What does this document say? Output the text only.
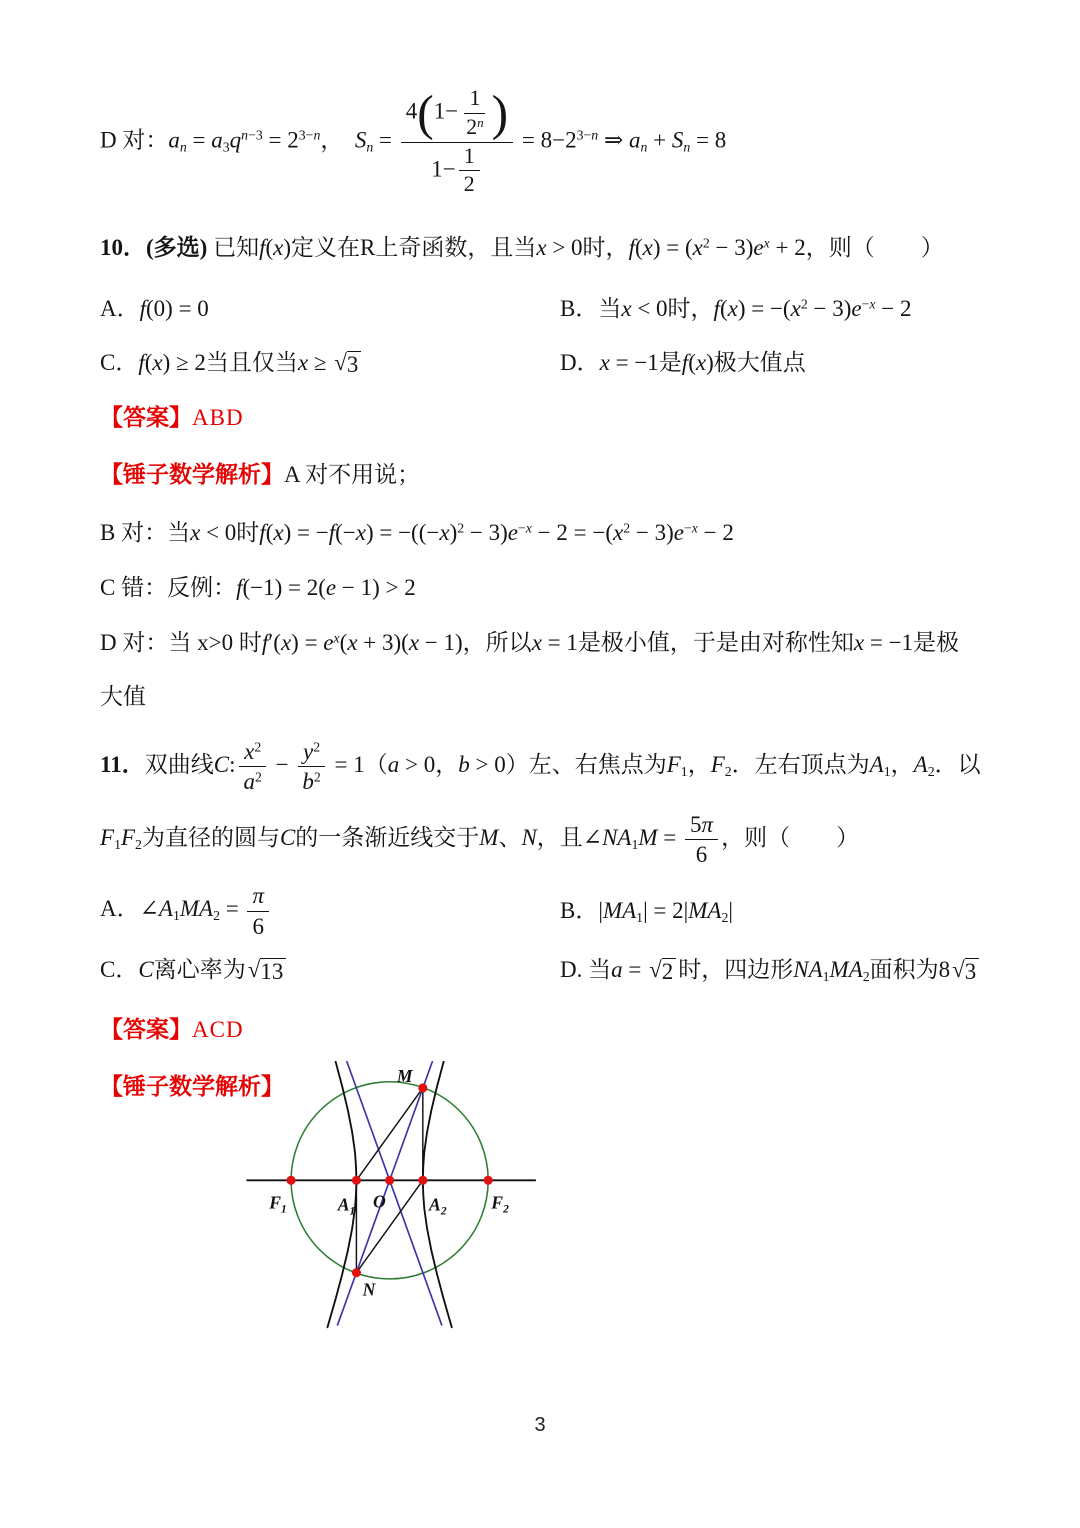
D 对：$a_n = a_3q^{n-3} = 2^{3-n}$，　$S_n = \frac{4(1- \frac{1}{2^n} )}{1- \frac{1}{2}} = 8-2^{3-n}$ ⇒ $a_n + S_n = 8$
10．(多选) 已知f(x)定义在R上奇函数，且当x > 0时，$f(x) = (x^2 - 3)e^x + 2$，则（　　）
A．f(0) = 0	B．当x < 0时，$f(x) = -(x^2 - 3)e^{-x} - 2$
C．f(x) ≥ 2当且仅当x ≥ √ 3	D．x = −1是f(x)极大值点
【答案】ABD
【锤子数学解析】A 对不用说；
B 对：当x < 0时$f(x) = -f(-x) = -((-x)^2 - 3)e^{-x} - 2 = -(x^2 - 3)e^{-x} - 2$
C 错：反例：f(−1) = 2(e − 1) > 2
D 对：当 x>0 时$f'(x) = e^x(x + 3)(x - 1)$，所以x = 1是极小值，于是由对称性知x = −1是极
大值
11．双曲线C: $\frac{x^2}{a^2} - \frac{y^2}{b^2} = 1(a > 0$，b > 0）左、右焦点为$F_1$，$F_2$．左右顶点为$A_1$，$A_2$．以
$F_1F_2$为直径的圆与C的一条渐近线交于M、N，且$\angle NA_1M = \frac{5\pi}{6}$ ，则（　　）
A．$\angle A_1MA_2 = \frac{\pi}{6}$	B．$|MA_1| = 2|MA_2|$
C．C离心率为 √ 13	D. 当a = √ 2 时，四边形$NA_1MA_2$面积为8 √ 3
【答案】ACD
【锤子数学解析】	M
N
$F_1$	$A_1$
O	$A_2$	$F_2$
3
